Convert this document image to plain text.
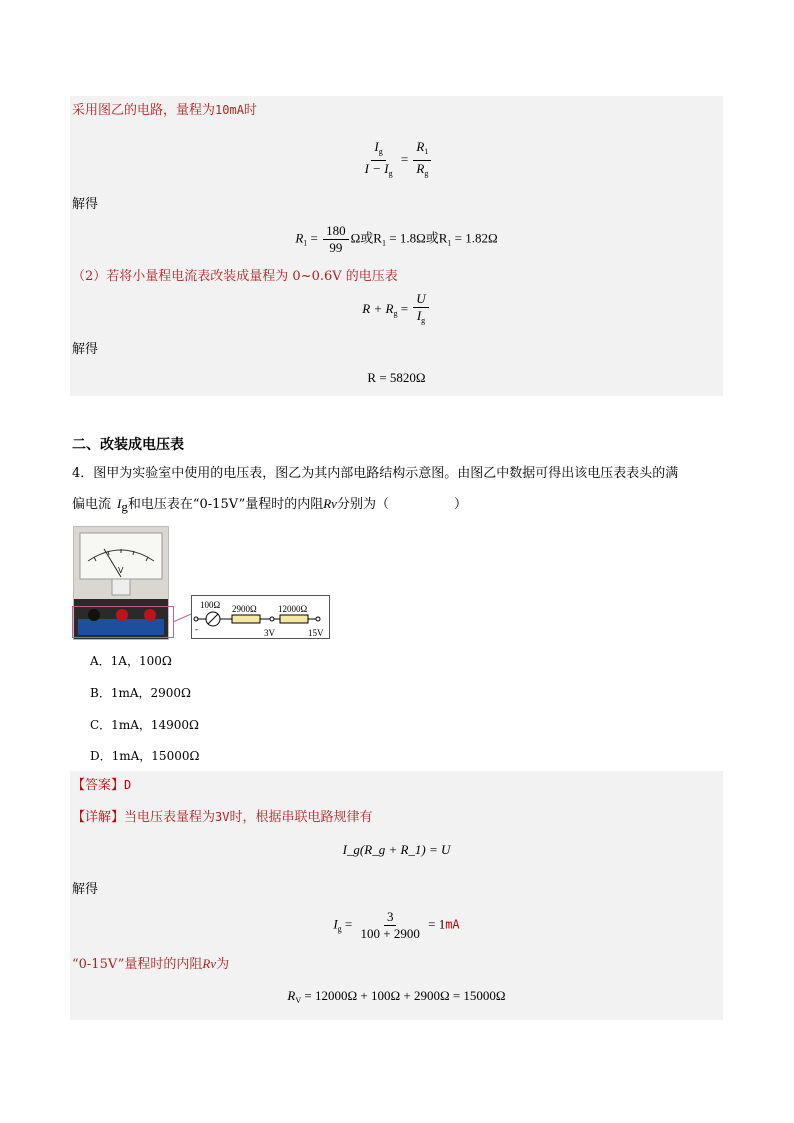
采用图乙的电路，量程为10mA时
$\frac{I_g}{I - I_g} = \frac{R_1}{R_g}$
解得
$R_1 = \frac{180}{99}$ Ω或$R_1 = 1.8\Omega$或$R_1 = 1.82\Omega$
（2）若将小量程电流表改装成量程为 0~0.6V 的电压表
$R + R_g = \frac{U}{I_g}$
解得
R = 5820Ω
二、改装成电压表
4．图甲为实验室中使用的电压表，图乙为其内部电路结构示意图。由图乙中数据可得出该电压表表头的满
偏电流 $I_g$和电压表在“0-15V”量程时的内阻Rv分别为（　　　　　）
V
100Ω 2900Ω 12000Ω
-	3V	15V
A．1A，100Ω
B．1mA，2900Ω
C．1mA，14900Ω
D．1mA，15000Ω
【答案】D
【详解】当电压表量程为3V时，根据串联电路规律有
I_g(R_g + R_1) = U
解得
$I_g = \frac{3}{100 + 2900} = 1mA$
“0-15V”量程时的内阻Rv为
$R_V = 12000\Omega + 100\Omega + 2900\Omega = 15000\Omega$
